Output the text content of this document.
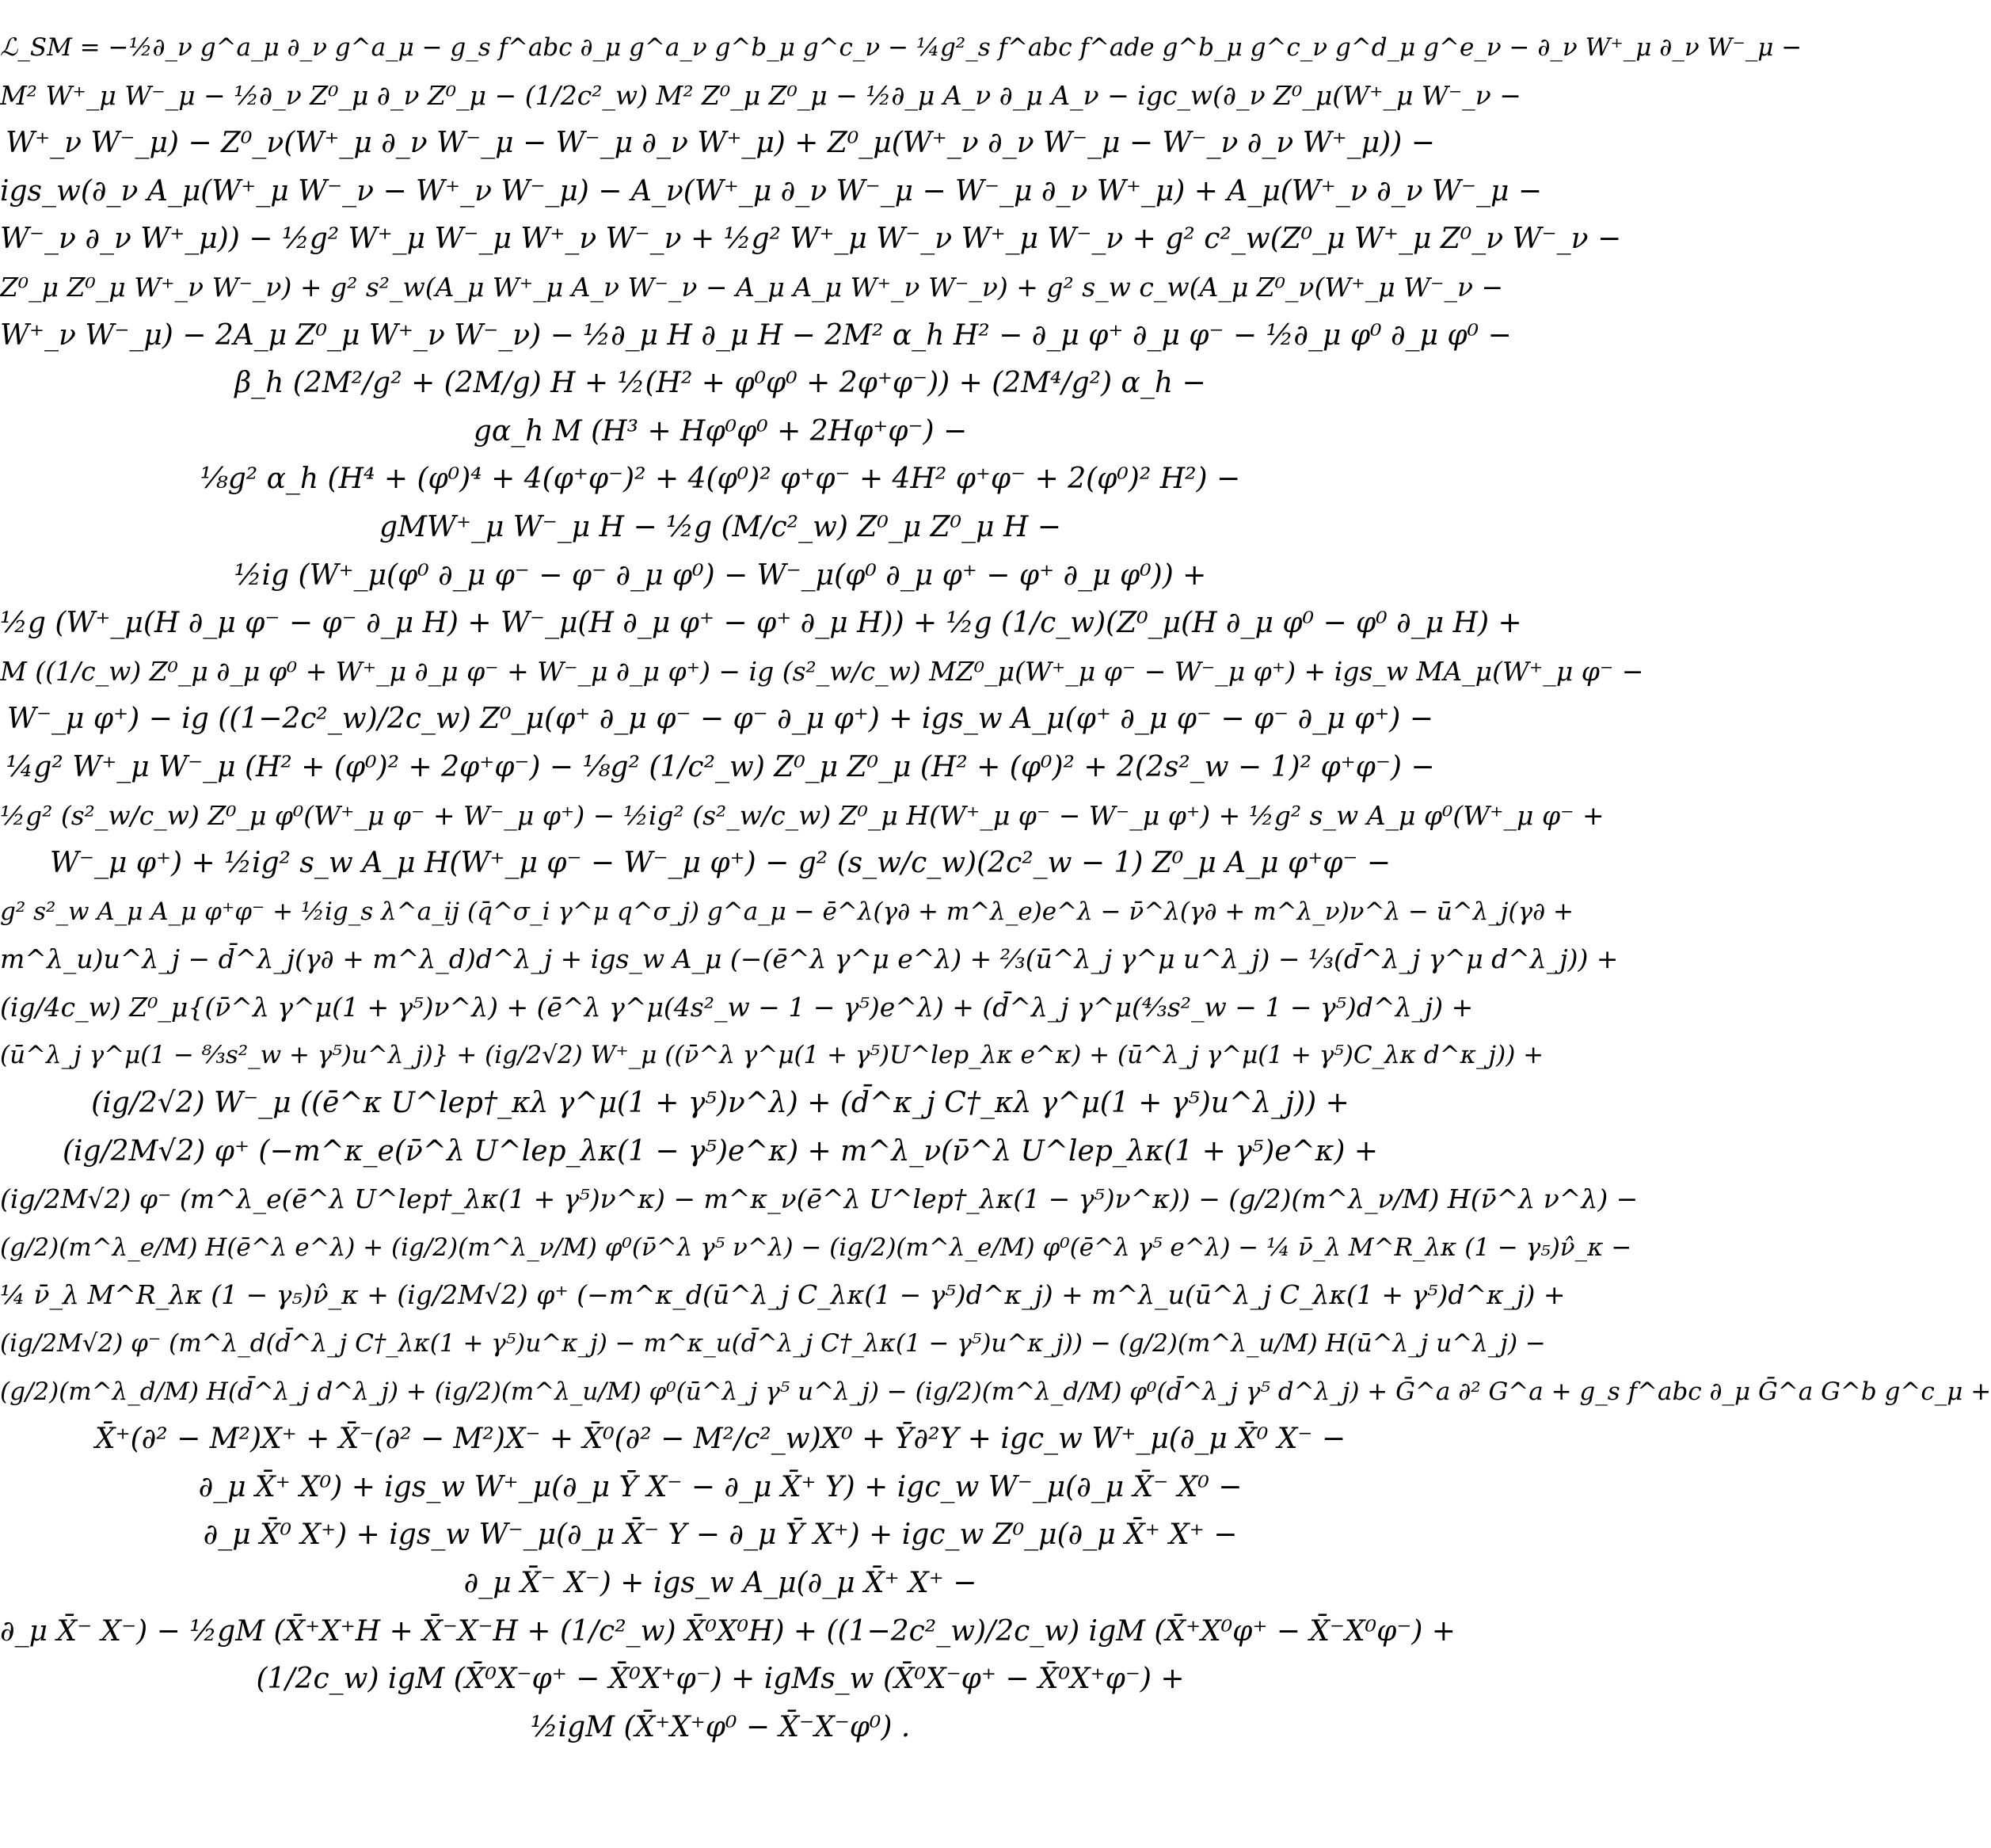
ℒ_SM = −½∂_ν g^a_μ ∂_ν g^a_μ − g_s f^abc ∂_μ g^a_ν g^b_μ g^c_ν − ¼g²_s f^abc f^ade g^b_μ g^c_ν g^d_μ g^e_ν − ∂_ν W⁺_μ ∂_ν W⁻_μ −
M² W⁺_μ W⁻_μ − ½∂_ν Z⁰_μ ∂_ν Z⁰_μ − (1/2c²_w) M² Z⁰_μ Z⁰_μ − ½∂_μ A_ν ∂_μ A_ν − igc_w(∂_ν Z⁰_μ(W⁺_μ W⁻_ν −
W⁺_ν W⁻_μ) − Z⁰_ν(W⁺_μ ∂_ν W⁻_μ − W⁻_μ ∂_ν W⁺_μ) + Z⁰_μ(W⁺_ν ∂_ν W⁻_μ − W⁻_ν ∂_ν W⁺_μ)) −
igs_w(∂_ν A_μ(W⁺_μ W⁻_ν − W⁺_ν W⁻_μ) − A_ν(W⁺_μ ∂_ν W⁻_μ − W⁻_μ ∂_ν W⁺_μ) + A_μ(W⁺_ν ∂_ν W⁻_μ −
W⁻_ν ∂_ν W⁺_μ)) − ½g² W⁺_μ W⁻_μ W⁺_ν W⁻_ν + ½g² W⁺_μ W⁻_ν W⁺_μ W⁻_ν + g² c²_w(Z⁰_μ W⁺_μ Z⁰_ν W⁻_ν −
Z⁰_μ Z⁰_μ W⁺_ν W⁻_ν) + g² s²_w(A_μ W⁺_μ A_ν W⁻_ν − A_μ A_μ W⁺_ν W⁻_ν) + g² s_w c_w(A_μ Z⁰_ν(W⁺_μ W⁻_ν −
W⁺_ν W⁻_μ) − 2A_μ Z⁰_μ W⁺_ν W⁻_ν) − ½∂_μ H ∂_μ H − 2M² α_h H² − ∂_μ φ⁺ ∂_μ φ⁻ − ½∂_μ φ⁰ ∂_μ φ⁰ −
β_h (2M²/g² + (2M/g) H + ½(H² + φ⁰φ⁰ + 2φ⁺φ⁻)) + (2M⁴/g²) α_h −
gα_h M (H³ + Hφ⁰φ⁰ + 2Hφ⁺φ⁻) −
⅛g² α_h (H⁴ + (φ⁰)⁴ + 4(φ⁺φ⁻)² + 4(φ⁰)² φ⁺φ⁻ + 4H² φ⁺φ⁻ + 2(φ⁰)² H²) −
gMW⁺_μ W⁻_μ H − ½g (M/c²_w) Z⁰_μ Z⁰_μ H −
½ig (W⁺_μ(φ⁰ ∂_μ φ⁻ − φ⁻ ∂_μ φ⁰) − W⁻_μ(φ⁰ ∂_μ φ⁺ − φ⁺ ∂_μ φ⁰)) +
½g (W⁺_μ(H ∂_μ φ⁻ − φ⁻ ∂_μ H) + W⁻_μ(H ∂_μ φ⁺ − φ⁺ ∂_μ H)) + ½g (1/c_w)(Z⁰_μ(H ∂_μ φ⁰ − φ⁰ ∂_μ H) +
M ((1/c_w) Z⁰_μ ∂_μ φ⁰ + W⁺_μ ∂_μ φ⁻ + W⁻_μ ∂_μ φ⁺) − ig (s²_w/c_w) MZ⁰_μ(W⁺_μ φ⁻ − W⁻_μ φ⁺) + igs_w MA_μ(W⁺_μ φ⁻ −
W⁻_μ φ⁺) − ig ((1−2c²_w)/2c_w) Z⁰_μ(φ⁺ ∂_μ φ⁻ − φ⁻ ∂_μ φ⁺) + igs_w A_μ(φ⁺ ∂_μ φ⁻ − φ⁻ ∂_μ φ⁺) −
¼g² W⁺_μ W⁻_μ (H² + (φ⁰)² + 2φ⁺φ⁻) − ⅛g² (1/c²_w) Z⁰_μ Z⁰_μ (H² + (φ⁰)² + 2(2s²_w − 1)² φ⁺φ⁻) −
½g² (s²_w/c_w) Z⁰_μ φ⁰(W⁺_μ φ⁻ + W⁻_μ φ⁺) − ½ig² (s²_w/c_w) Z⁰_μ H(W⁺_μ φ⁻ − W⁻_μ φ⁺) + ½g² s_w A_μ φ⁰(W⁺_μ φ⁻ +
W⁻_μ φ⁺) + ½ig² s_w A_μ H(W⁺_μ φ⁻ − W⁻_μ φ⁺) − g² (s_w/c_w)(2c²_w − 1) Z⁰_μ A_μ φ⁺φ⁻ −
g² s²_w A_μ A_μ φ⁺φ⁻ + ½ig_s λ^a_ij (q̄^σ_i γ^μ q^σ_j) g^a_μ − ē^λ(γ∂ + m^λ_e)e^λ − ν̄^λ(γ∂ + m^λ_ν)ν^λ − ū^λ_j(γ∂ +
m^λ_u)u^λ_j − d̄^λ_j(γ∂ + m^λ_d)d^λ_j + igs_w A_μ (−(ē^λ γ^μ e^λ) + ⅔(ū^λ_j γ^μ u^λ_j) − ⅓(d̄^λ_j γ^μ d^λ_j)) +
(ig/4c_w) Z⁰_μ{(ν̄^λ γ^μ(1 + γ⁵)ν^λ) + (ē^λ γ^μ(4s²_w − 1 − γ⁵)e^λ) + (d̄^λ_j γ^μ(⁴⁄₃s²_w − 1 − γ⁵)d^λ_j) +
(ū^λ_j γ^μ(1 − ⁸⁄₃s²_w + γ⁵)u^λ_j)} + (ig/2√2) W⁺_μ ((ν̄^λ γ^μ(1 + γ⁵)U^lep_λκ e^κ) + (ū^λ_j γ^μ(1 + γ⁵)C_λκ d^κ_j)) +
(ig/2√2) W⁻_μ ((ē^κ U^lep†_κλ γ^μ(1 + γ⁵)ν^λ) + (d̄^κ_j C†_κλ γ^μ(1 + γ⁵)u^λ_j)) +
(ig/2M√2) φ⁺ (−m^κ_e(ν̄^λ U^lep_λκ(1 − γ⁵)e^κ) + m^λ_ν(ν̄^λ U^lep_λκ(1 + γ⁵)e^κ) +
(ig/2M√2) φ⁻ (m^λ_e(ē^λ U^lep†_λκ(1 + γ⁵)ν^κ) − m^κ_ν(ē^λ U^lep†_λκ(1 − γ⁵)ν^κ)) − (g/2)(m^λ_ν/M) H(ν̄^λ ν^λ) −
(g/2)(m^λ_e/M) H(ē^λ e^λ) + (ig/2)(m^λ_ν/M) φ⁰(ν̄^λ γ⁵ ν^λ) − (ig/2)(m^λ_e/M) φ⁰(ē^λ γ⁵ e^λ) − ¼ ν̄_λ M^R_λκ (1 − γ₅)ν̂_κ −
¼ ν̄_λ M^R_λκ (1 − γ₅)ν̂_κ + (ig/2M√2) φ⁺ (−m^κ_d(ū^λ_j C_λκ(1 − γ⁵)d^κ_j) + m^λ_u(ū^λ_j C_λκ(1 + γ⁵)d^κ_j) +
(ig/2M√2) φ⁻ (m^λ_d(d̄^λ_j C†_λκ(1 + γ⁵)u^κ_j) − m^κ_u(d̄^λ_j C†_λκ(1 − γ⁵)u^κ_j)) − (g/2)(m^λ_u/M) H(ū^λ_j u^λ_j) −
(g/2)(m^λ_d/M) H(d̄^λ_j d^λ_j) + (ig/2)(m^λ_u/M) φ⁰(ū^λ_j γ⁵ u^λ_j) − (ig/2)(m^λ_d/M) φ⁰(d̄^λ_j γ⁵ d^λ_j) + Ḡ^a ∂² G^a + g_s f^abc ∂_μ Ḡ^a G^b g^c_μ +
X̄⁺(∂² − M²)X⁺ + X̄⁻(∂² − M²)X⁻ + X̄⁰(∂² − M²/c²_w)X⁰ + Ȳ∂²Y + igc_w W⁺_μ(∂_μ X̄⁰ X⁻ −
∂_μ X̄⁺ X⁰) + igs_w W⁺_μ(∂_μ Ȳ X⁻ − ∂_μ X̄⁺ Y) + igc_w W⁻_μ(∂_μ X̄⁻ X⁰ −
∂_μ X̄⁰ X⁺) + igs_w W⁻_μ(∂_μ X̄⁻ Y − ∂_μ Ȳ X⁺) + igc_w Z⁰_μ(∂_μ X̄⁺ X⁺ −
∂_μ X̄⁻ X⁻) + igs_w A_μ(∂_μ X̄⁺ X⁺ −
∂_μ X̄⁻ X⁻) − ½gM (X̄⁺X⁺H + X̄⁻X⁻H + (1/c²_w) X̄⁰X⁰H) + ((1−2c²_w)/2c_w) igM (X̄⁺X⁰φ⁺ − X̄⁻X⁰φ⁻) +
(1/2c_w) igM (X̄⁰X⁻φ⁺ − X̄⁰X⁺φ⁻) + igMs_w (X̄⁰X⁻φ⁺ − X̄⁰X⁺φ⁻) +
½igM (X̄⁺X⁺φ⁰ − X̄⁻X⁻φ⁰) .
